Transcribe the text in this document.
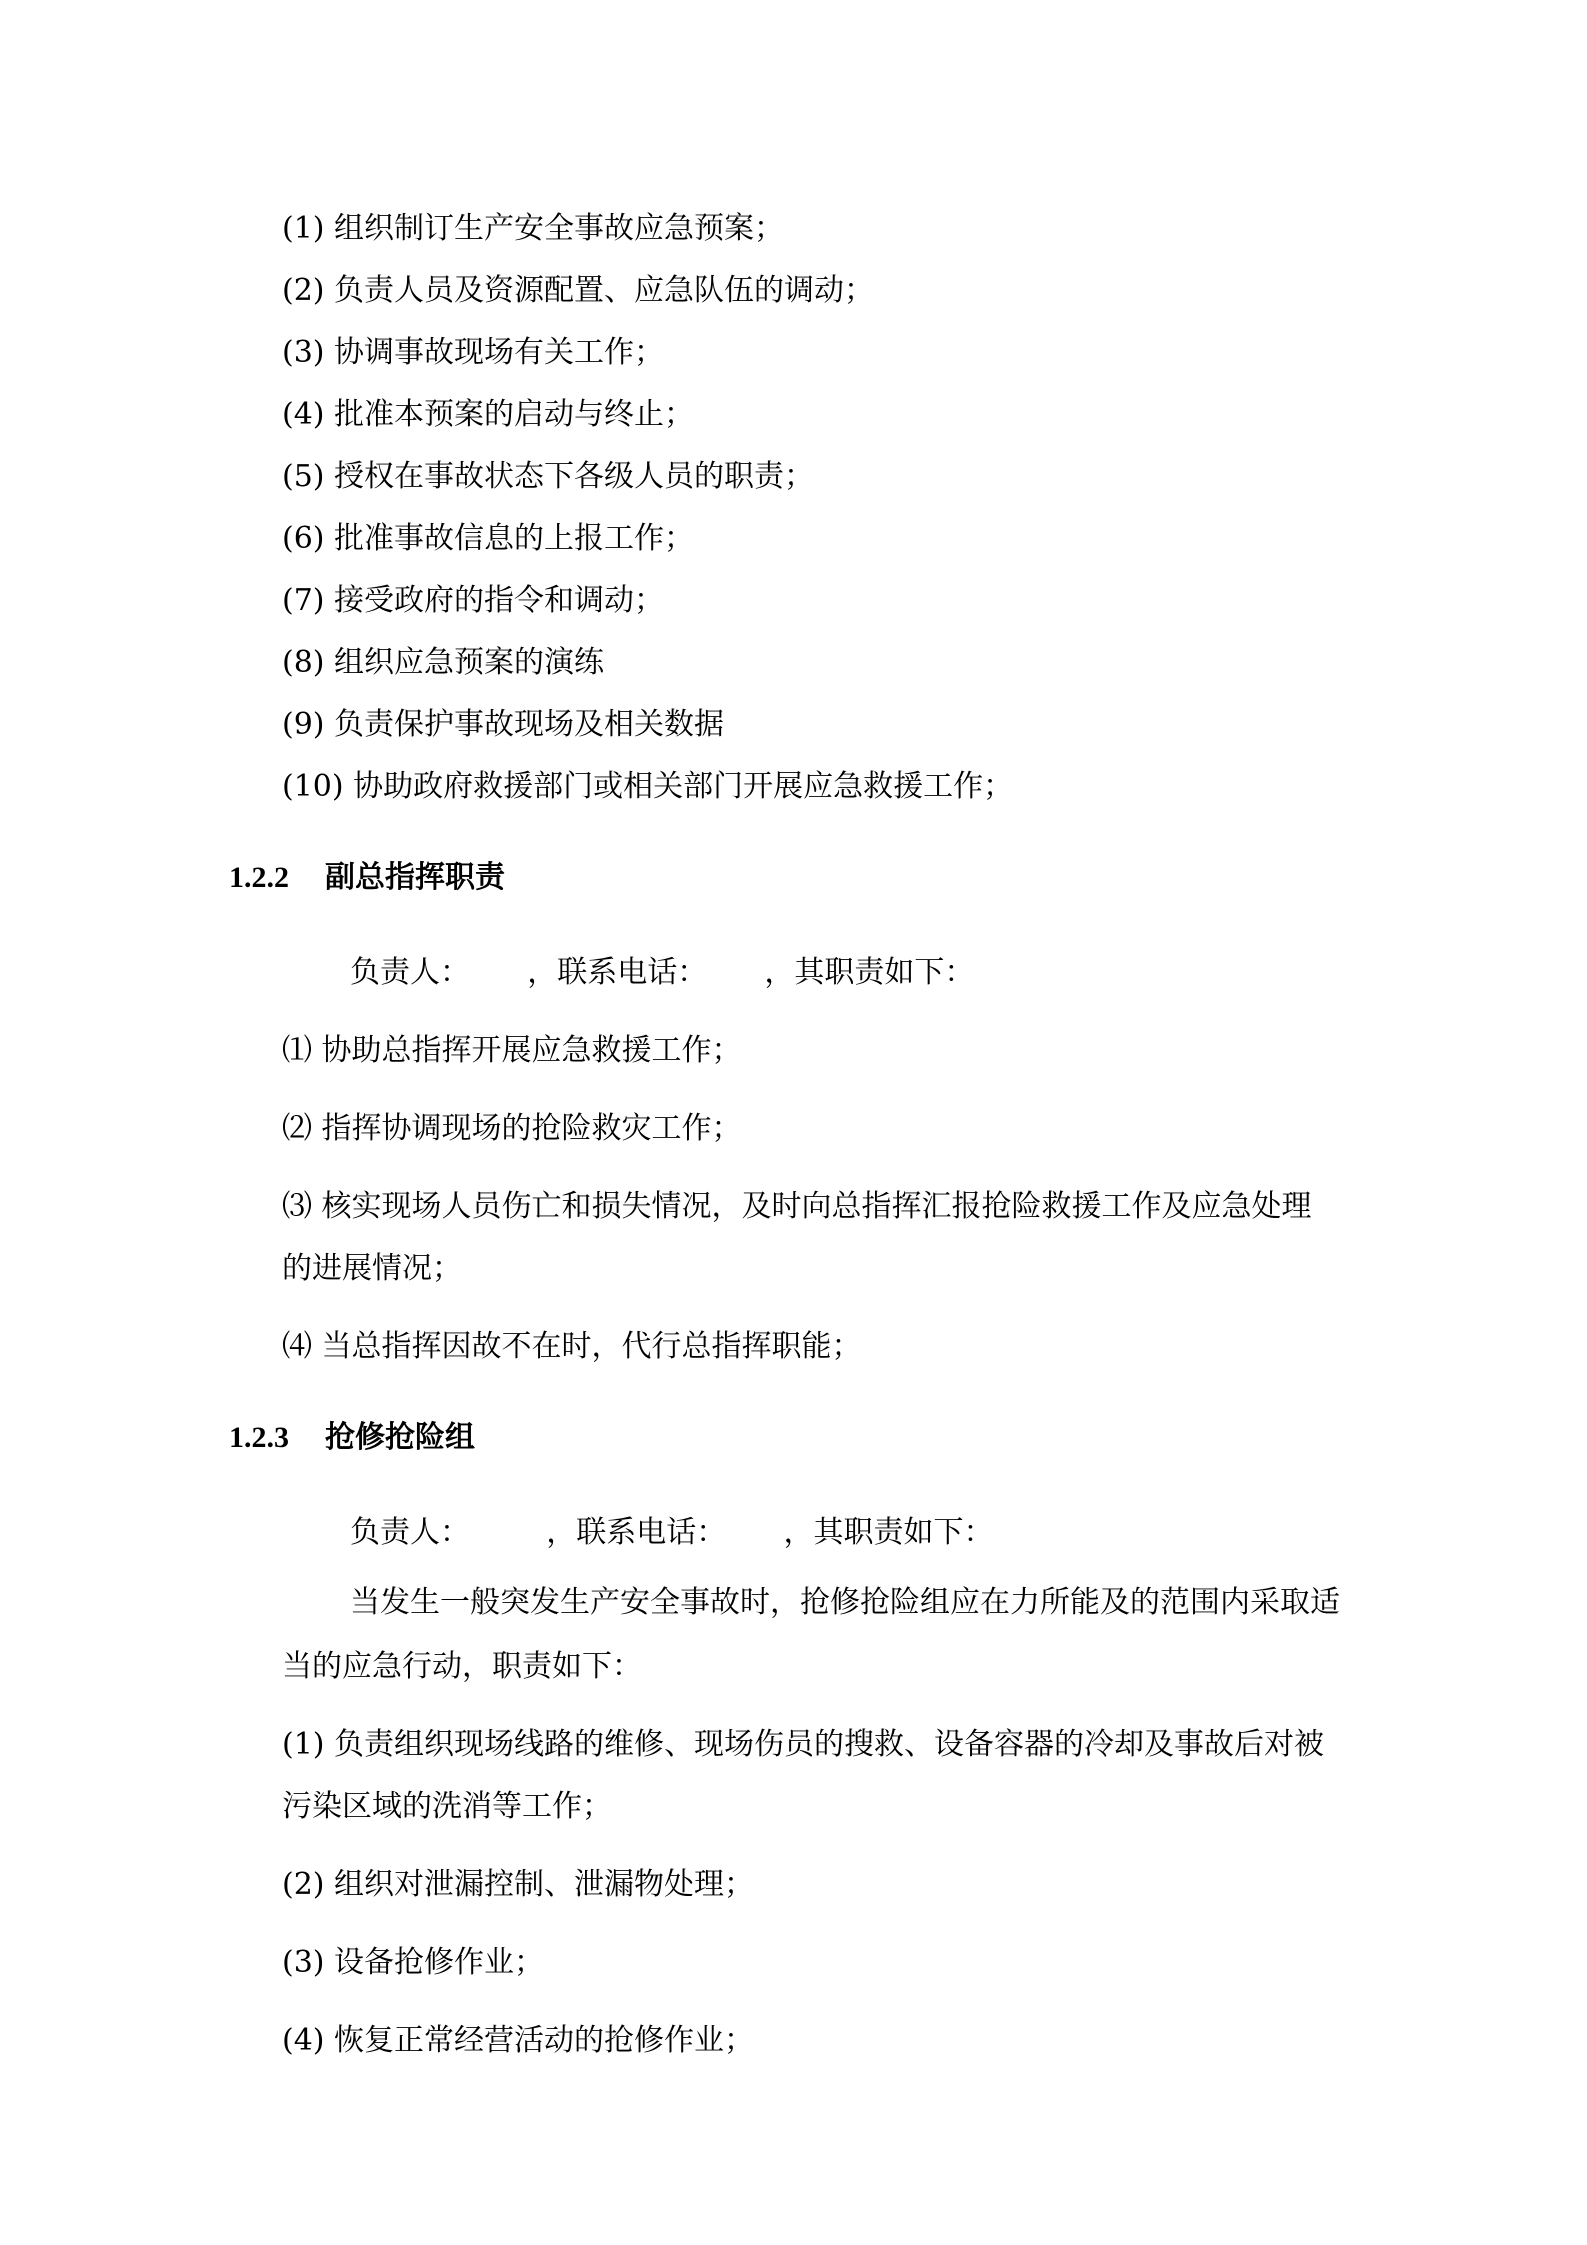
(1) 组织制订生产安全事故应急预案；
(2) 负责人员及资源配置、应急队伍的调动；
(3) 协调事故现场有关工作；
(4) 批准本预案的启动与终止；
(5) 授权在事故状态下各级人员的职责；
(6) 批准事故信息的上报工作；
(7) 接受政府的指令和调动；
(8) 组织应急预案的演练
(9) 负责保护事故现场及相关数据
(10) 协助政府救援部门或相关部门开展应急救援工作；
1.2.2 副总指挥职责
负责人：      ，联系电话：      ，其职责如下：
⑴ 协助总指挥开展应急救援工作；
⑵ 指挥协调现场的抢险救灾工作；
⑶ 核实现场人员伤亡和损失情况，及时向总指挥汇报抢险救援工作及应急处理
的进展情况；
⑷ 当总指挥因故不在时，代行总指挥职能；
1.2.3 抢修抢险组
负责人：        ，联系电话：      ，其职责如下：
当发生一般突发生产安全事故时，抢修抢险组应在力所能及的范围内采取适
当的应急行动，职责如下：
(1) 负责组织现场线路的维修、现场伤员的搜救、设备容器的冷却及事故后对被
污染区域的洗消等工作；
(2) 组织对泄漏控制、泄漏物处理；
(3) 设备抢修作业；
(4) 恢复正常经营活动的抢修作业；
